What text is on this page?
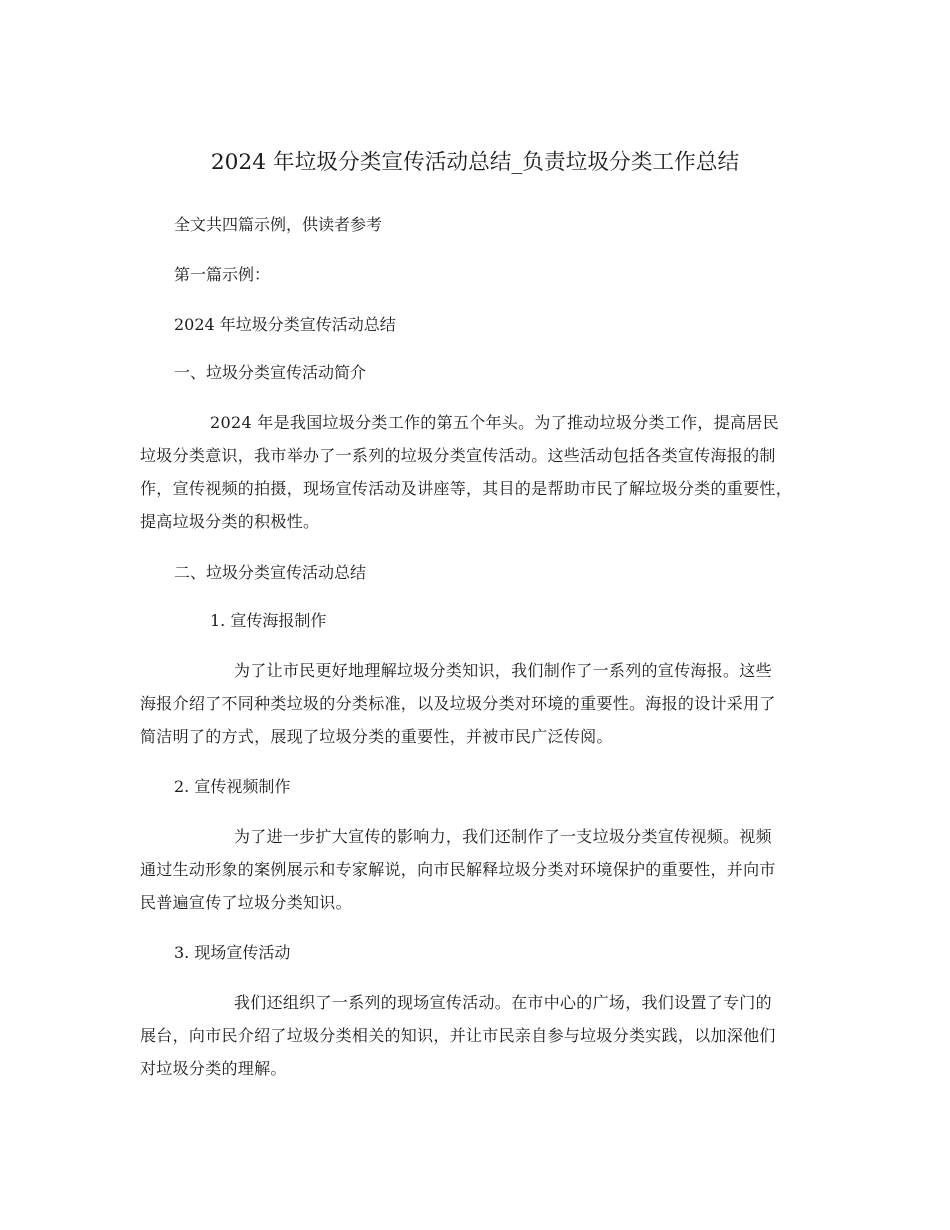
2024 年垃圾分类宣传活动总结_负责垃圾分类工作总结
全文共四篇示例，供读者参考
第一篇示例：
2024 年垃圾分类宣传活动总结
一、垃圾分类宣传活动简介
2024 年是我国垃圾分类工作的第五个年头。为了推动垃圾分类工作，提高居民
垃圾分类意识，我市举办了一系列的垃圾分类宣传活动。这些活动包括各类宣传海报的制
作，宣传视频的拍摄，现场宣传活动及讲座等，其目的是帮助市民了解垃圾分类的重要性，
提高垃圾分类的积极性。
二、垃圾分类宣传活动总结
1. 宣传海报制作
为了让市民更好地理解垃圾分类知识，我们制作了一系列的宣传海报。这些
海报介绍了不同种类垃圾的分类标准，以及垃圾分类对环境的重要性。海报的设计采用了
简洁明了的方式，展现了垃圾分类的重要性，并被市民广泛传阅。
2. 宣传视频制作
为了进一步扩大宣传的影响力，我们还制作了一支垃圾分类宣传视频。视频
通过生动形象的案例展示和专家解说，向市民解释垃圾分类对环境保护的重要性，并向市
民普遍宣传了垃圾分类知识。
3. 现场宣传活动
我们还组织了一系列的现场宣传活动。在市中心的广场，我们设置了专门的
展台，向市民介绍了垃圾分类相关的知识，并让市民亲自参与垃圾分类实践，以加深他们
对垃圾分类的理解。
